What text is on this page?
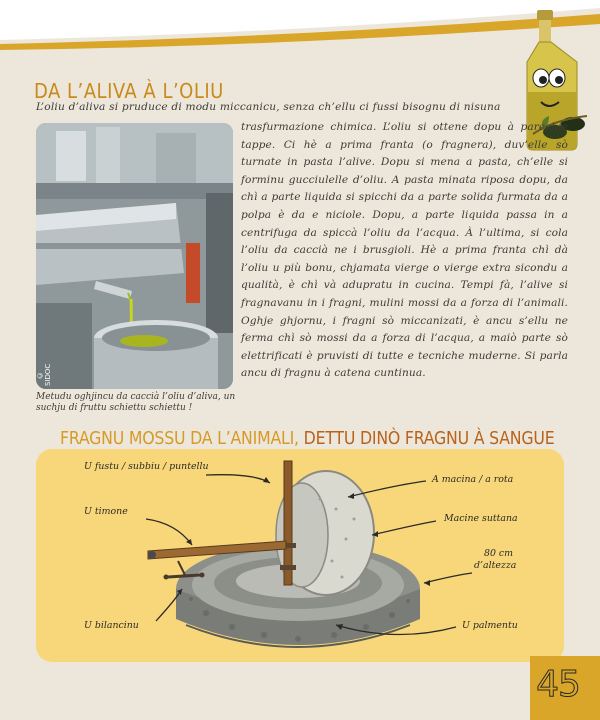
DA L’ALIVA À L’OLIU
L’oliu d’aliva si pruduce di modu miccanicu, senza ch’ellu ci fussi bisognu di nisuna
© SIDOC
Metudu oghjincu da caccià l’oliu d’aliva, un suchju di fruttu schiettu schiettu !
trasfurmazione chimica. L’oliu si ottene dopu à parechje tappe. Ci hè a prima franta (o fragnera), duv’elle sò turnate in pasta l’alive. Dopu si mena a pasta, ch’elle si forminu gucciulelle d’oliu. A pasta minata riposa dopu, da chì a parte liquida si spicchi da a parte solida furmata da a polpa è da e niciole. Dopu, a parte liquida passa in a centrifuga da spiccà l’oliu da l’acqua. À l’ultima, si cola l’oliu da caccià ne i brusgioli. Hè a prima franta chì dà l’oliu u più bonu, chjamata vierge o vierge extra sicondu a qualità, è chì và adupratu in cucina. Tempi fà, l’alive si fragnavanu in i fragni, mulini mossi da a forza di l’animali. Oghje ghjornu, i fragni sò miccanizati, è ancu s’ellu ne ferma chì sò mossi da a forza di l’acqua, a maiò parte sò elettrificati è pruvisti di tutte e tecniche muderne. Si parla ancu di fragnu à catena cuntinua.
FRAGNU MOSSU DA L’ANIMALI, DETTU DINÒ FRAGNU À SANGUE
U fustu / subbiu / puntellu
U timone
U bilancinu
A macina / a rota
Macine suttana
80 cm
d’altezza
U palmentu
45
